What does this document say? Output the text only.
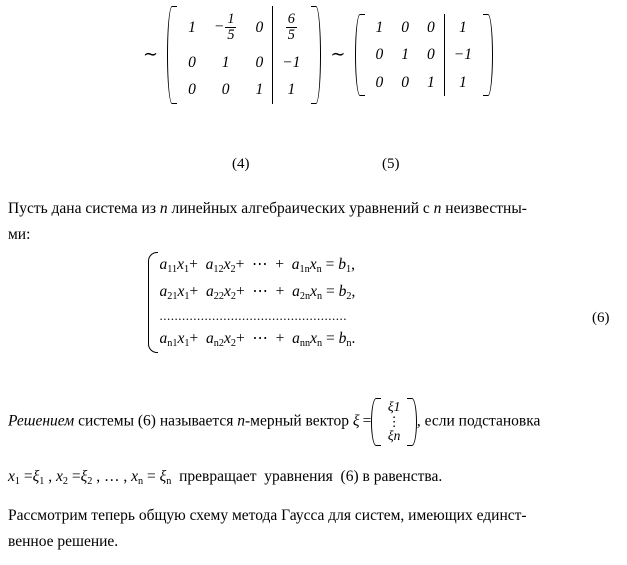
∼
1	− $\frac{1}{5}$	0	$\frac{6}{5}$

0	1	0	−1
0	0	1	1
∼
1	0	0	1
0	1	0	−1
0	0	1	1
(4)	(5)
Пусть дана система из n линейных алгебраических уравнений с n неизвестны-
ми:
$a_{11}x_1+ a_{12}x_2+$  ⋯  +  $a_{1n}x_n = b_1$,
$a_{21}x_1+ a_{22}x_2+$  ⋯  +  $a_{2n}x_n = b_2$,
..................................................
$a_{n1}x_1+ a_{n2}x_2+$  ⋯  +  $a_{nn}x_n = b_n$.
(6)
Решением системы (6) называется n-мерный вектор ξ  =
ξ1
⋮
ξn
, если подстановка
$x_1 =\xi_1$ , $x_2 =\xi_2$ , … , $x_n = \xi_n$  превращает  уравнения  (6) в равенства.
Рассмотрим теперь общую схему метода Гаусса для систем, имеющих единст-
венное решение.
